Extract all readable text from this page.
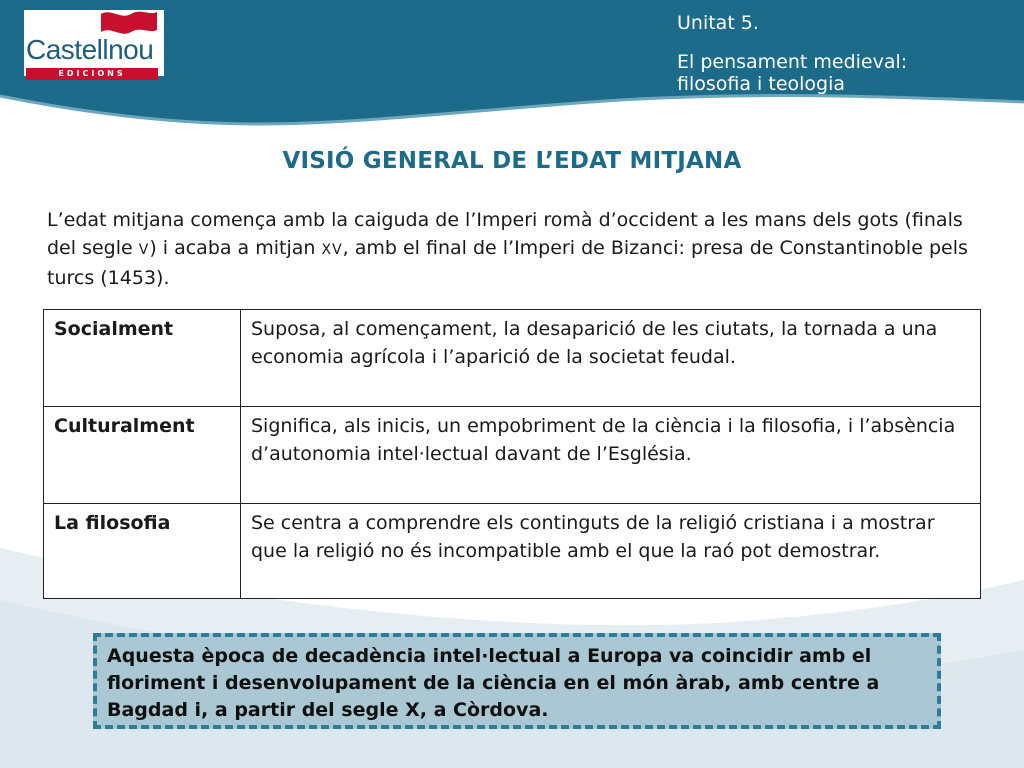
Castellnou
EDICIONS
Unitat 5.
El pensament medieval:
filosofia i teologia
VISIÓ GENERAL DE L’EDAT MITJANA
L’edat mitjana comença amb la caiguda de l’Imperi romà d’occident a les mans dels gots (finals del segle V) i acaba a mitjan XV, amb el final de l’Imperi de Bizanci: presa de Constantinoble pels turcs (1453).
Socialment	Suposa, al començament, la desaparició de les ciutats, la tornada a una economia agrícola i l’aparició de la societat feudal.
Culturalment	Significa, als inicis, un empobriment de la ciència i la filosofia, i l’absència d’autonomia intel·lectual davant de l’Església.
La filosofia	Se centra a comprendre els continguts de la religió cristiana i a mostrar que la religió no és incompatible amb el que la raó pot demostrar.
Aquesta època de decadència intel·lectual a Europa va coincidir amb el floriment i desenvolupament de la ciència en el món àrab, amb centre a Bagdad i, a partir del segle X, a Còrdova.
